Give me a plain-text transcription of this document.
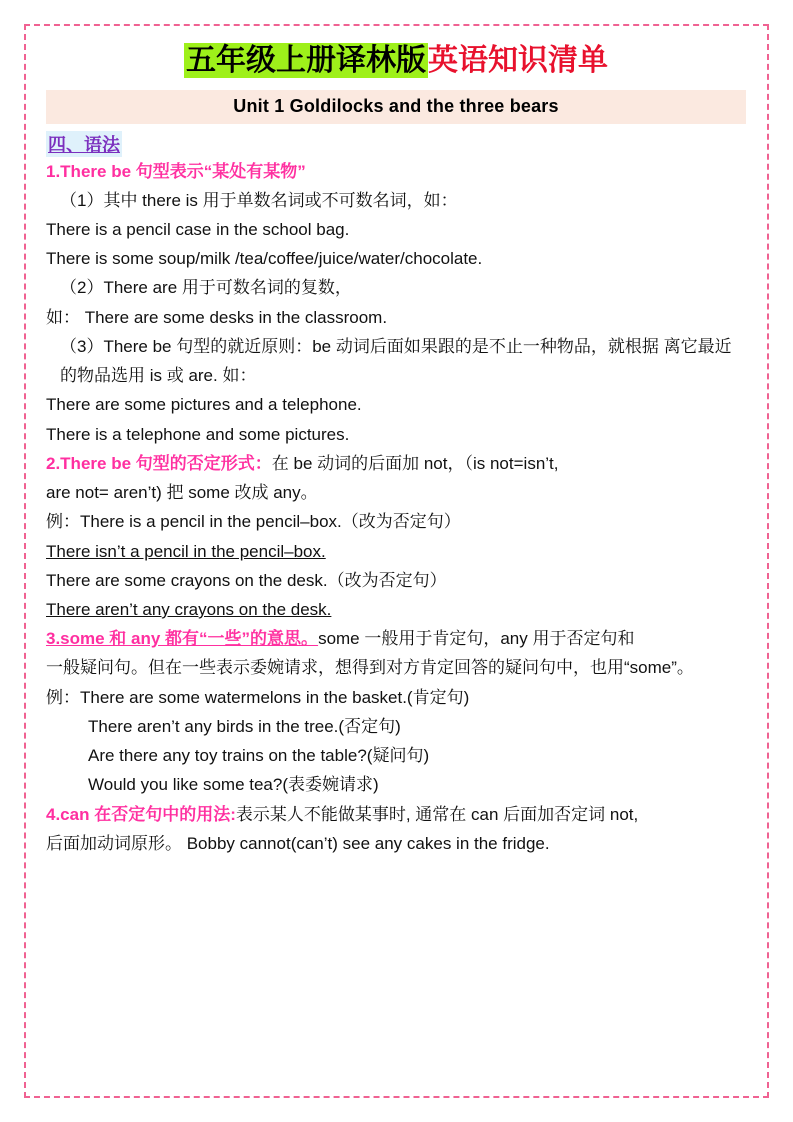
五年级上册译林版英语知识清单
Unit 1 Goldilocks and the three bears
四、语法
1.There be 句型表示“某处有某物”
（1）其中 there is 用于单数名词或不可数名词，如：
There is a pencil case in the school bag.
There is some soup/milk /tea/coffee/juice/water/chocolate.
（2）There are 用于可数名词的复数，
如： There are some desks in the classroom.
（3）There be 句型的就近原则：be 动词后面如果跟的是不止一种物品，就根据 离它最近的物品选用 is 或 are. 如：
There are some pictures and a telephone.
There is a telephone and some pictures.
2.There be 句型的否定形式：在 be 动词的后面加 not，（is not=isn’t,
are not= aren’t) 把 some 改成 any。
例：There is a pencil in the pencil–box.（改为否定句）
There isn’t a pencil in the pencil–box.
There are some crayons on the desk.（改为否定句）
There aren’t any crayons on the desk.
3.some 和 any 都有“一些”的意思。some 一般用于肯定句，any 用于否定句和
一般疑问句。但在一些表示委婉请求，想得到对方肯定回答的疑问句中，也用“some”。
例：There are some watermelons in the basket.(肯定句)
There aren’t any birds in the tree.(否定句)
Are there any toy trains on the table?(疑问句)
Would you like some tea?(表委婉请求)
4.can 在否定句中的用法:表示某人不能做某事时, 通常在 can 后面加否定词 not,
后面加动词原形。 Bobby cannot(can’t) see any cakes in the fridge.
